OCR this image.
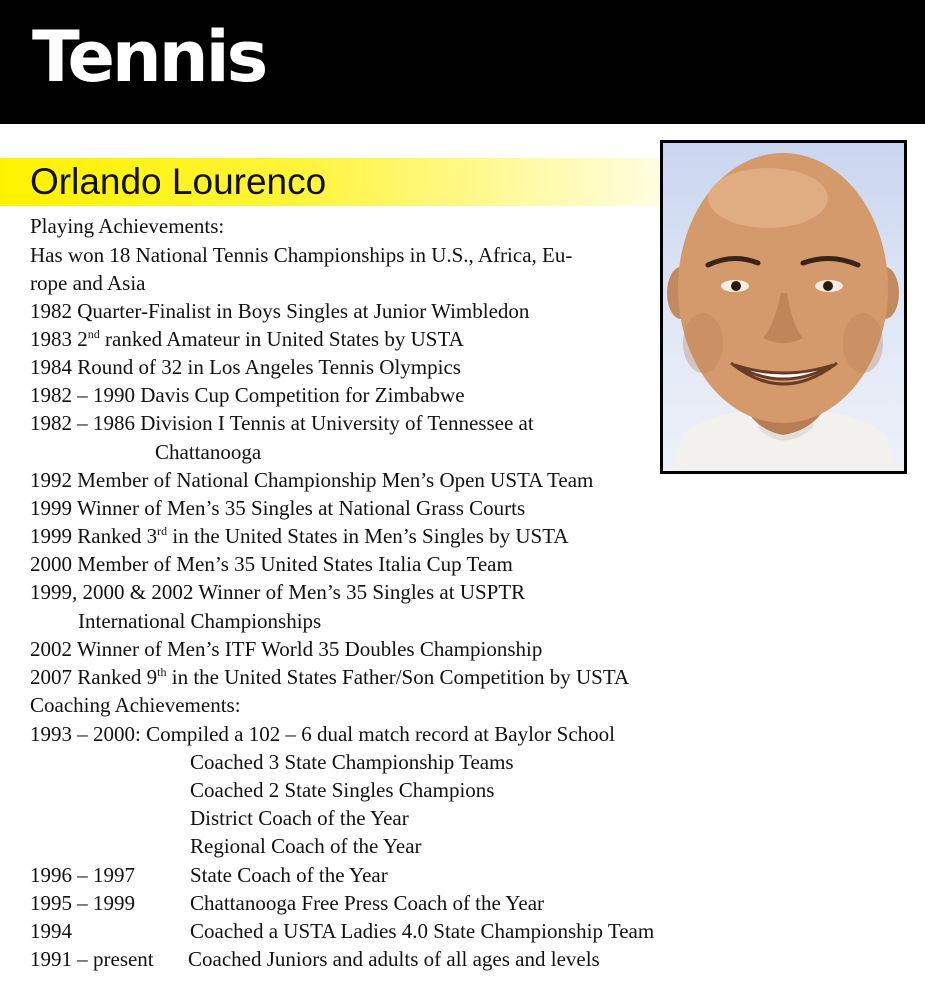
Tennis
Orlando Lourenco
Playing Achievements:
Has won 18 National Tennis Championships in U.S., Africa, Eu-
rope and Asia
1982 Quarter-Finalist in Boys Singles at Junior Wimbledon
1983 2nd ranked Amateur in United States by USTA
1984 Round of 32 in Los Angeles Tennis Olympics
1982 – 1990 Davis Cup Competition for Zimbabwe
1982 – 1986 Division I Tennis at University of Tennessee at
Chattanooga
1992 Member of National Championship Men’s Open USTA Team
1999 Winner of Men’s 35 Singles at National Grass Courts
1999 Ranked 3rd in the United States in Men’s Singles by USTA
2000 Member of Men’s 35 United States Italia Cup Team
1999, 2000 & 2002 Winner of Men’s 35 Singles at USPTR
International Championships
2002 Winner of Men’s ITF World 35 Doubles Championship
2007 Ranked 9th in the United States Father/Son Competition by USTA
Coaching Achievements:
1993 – 2000: Compiled a 102 – 6 dual match record at Baylor School
Coached 3 State Championship Teams
Coached 2 State Singles Champions
District Coach of the Year
Regional Coach of the Year
1996 – 1997	State Coach of the Year
1995 – 1999	Chattanooga Free Press Coach of the Year
1994	Coached a USTA Ladies 4.0 State Championship Team
1991 – present Coached Juniors and adults of all ages and levels
